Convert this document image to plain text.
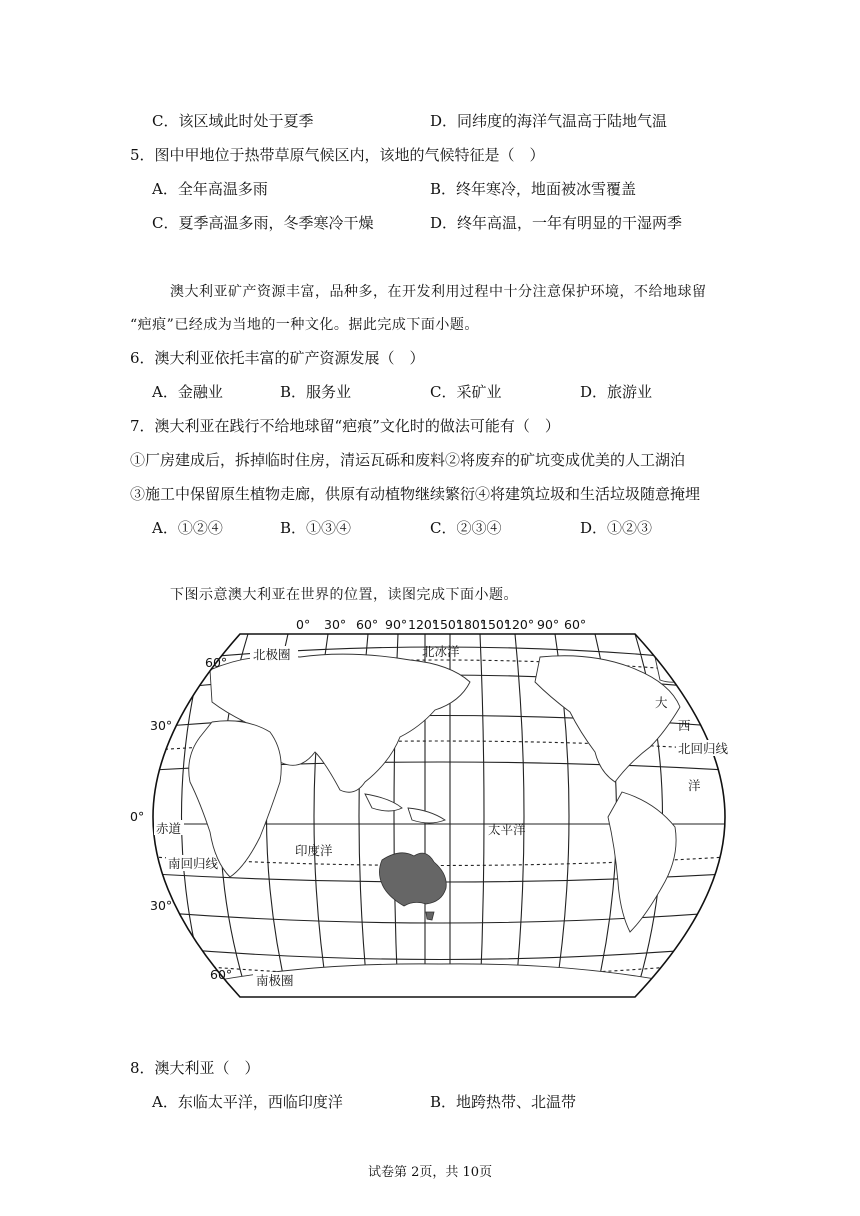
C．该区域此时处于夏季	D．同纬度的海洋气温高于陆地气温
5．图中甲地位于热带草原气候区内，该地的气候特征是（　）
A．全年高温多雨	B．终年寒冷，地面被冰雪覆盖
C．夏季高温多雨，冬季寒冷干燥	D．终年高温，一年有明显的干湿两季
澳大利亚矿产资源丰富，品种多，在开发利用过程中十分注意保护环境，不给地球留
“疤痕”已经成为当地的一种文化。据此完成下面小题。
6．澳大利亚依托丰富的矿产资源发展（　）
A．金融业	B．服务业	C．采矿业	D．旅游业
7．澳大利亚在践行不给地球留“疤痕”文化时的做法可能有（　）
①厂房建成后，拆掉临时住房，清运瓦砾和废料②将废弃的矿坑变成优美的人工湖泊
③施工中保留原生植物走廊，供原有动植物继续繁衍④将建筑垃圾和生活垃圾随意掩埋
A．①②④	B．①③④	C．②③④	D．①②③
下图示意澳大利亚在世界的位置，读图完成下面小题。
0° 30° 60° 90° 120°
150°
180°
150°
120° 90° 60°
60°
30°
0°
30°
60°
北极圈
南极圈
北回归线
南回归线
赤道
北冰洋
太平洋
印度洋
大
西
洋
8．澳大利亚（　）
A．东临太平洋，西临印度洋	B．地跨热带、北温带
试卷第 2页，共 10页
